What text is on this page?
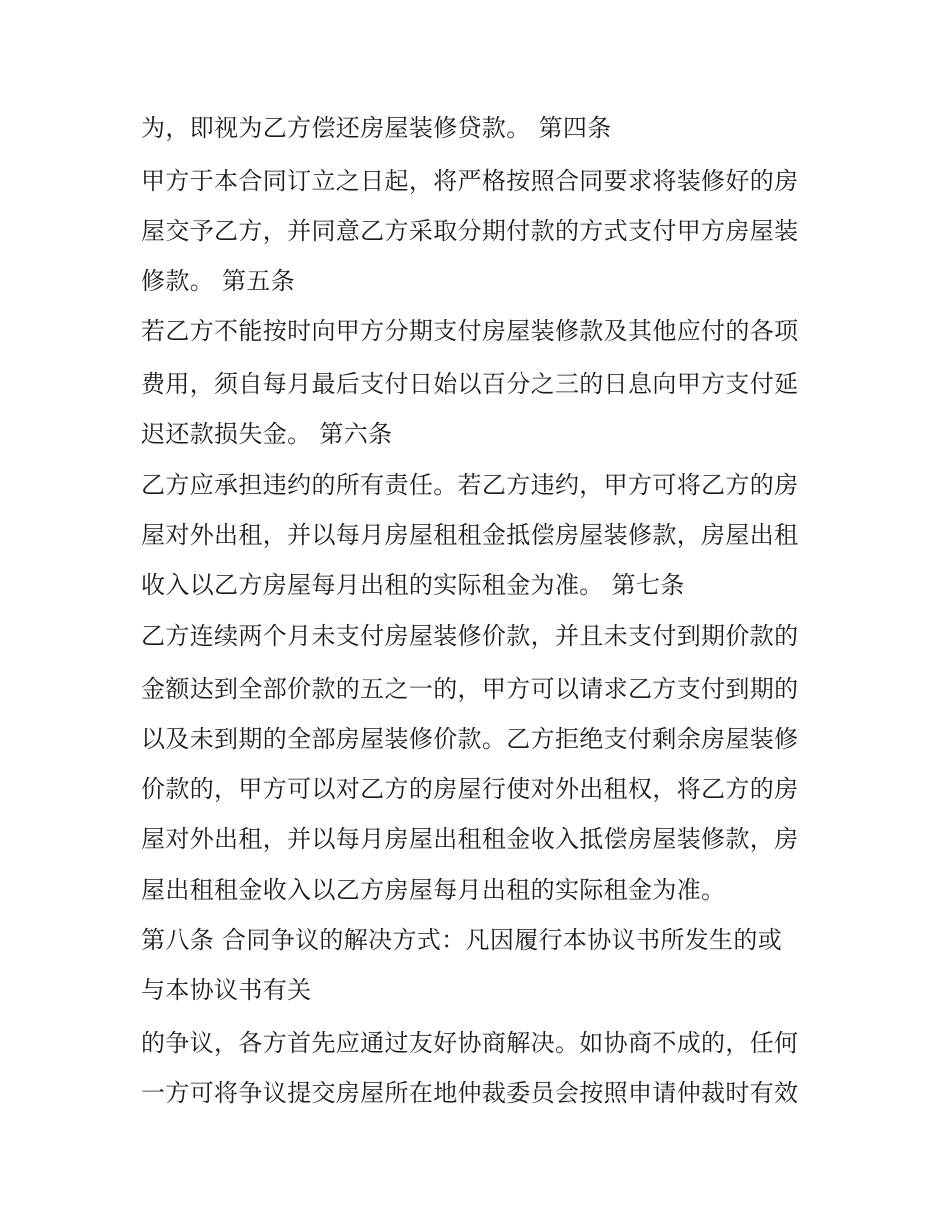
为，即视为乙方偿还房屋装修贷款。 第四条
甲方于本合同订立之日起，将严格按照合同要求将装修好的房
屋交予乙方，并同意乙方采取分期付款的方式支付甲方房屋装
修款。 第五条
若乙方不能按时向甲方分期支付房屋装修款及其他应付的各项
费用，须自每月最后支付日始以百分之三的日息向甲方支付延
迟还款损失金。 第六条
乙方应承担违约的所有责任。若乙方违约，甲方可将乙方的房
屋对外出租，并以每月房屋租租金抵偿房屋装修款，房屋出租
收入以乙方房屋每月出租的实际租金为准。 第七条
乙方连续两个月未支付房屋装修价款，并且未支付到期价款的
金额达到全部价款的五之一的，甲方可以请求乙方支付到期的
以及未到期的全部房屋装修价款。乙方拒绝支付剩余房屋装修
价款的，甲方可以对乙方的房屋行使对外出租权，将乙方的房
屋对外出租，并以每月房屋出租租金收入抵偿房屋装修款，房
屋出租租金收入以乙方房屋每月出租的实际租金为准。
第八条 合同争议的解决方式：凡因履行本协议书所发生的或
与本协议书有关
的争议，各方首先应通过友好协商解决。如协商不成的，任何
一方可将争议提交房屋所在地仲裁委员会按照申请仲裁时有效
